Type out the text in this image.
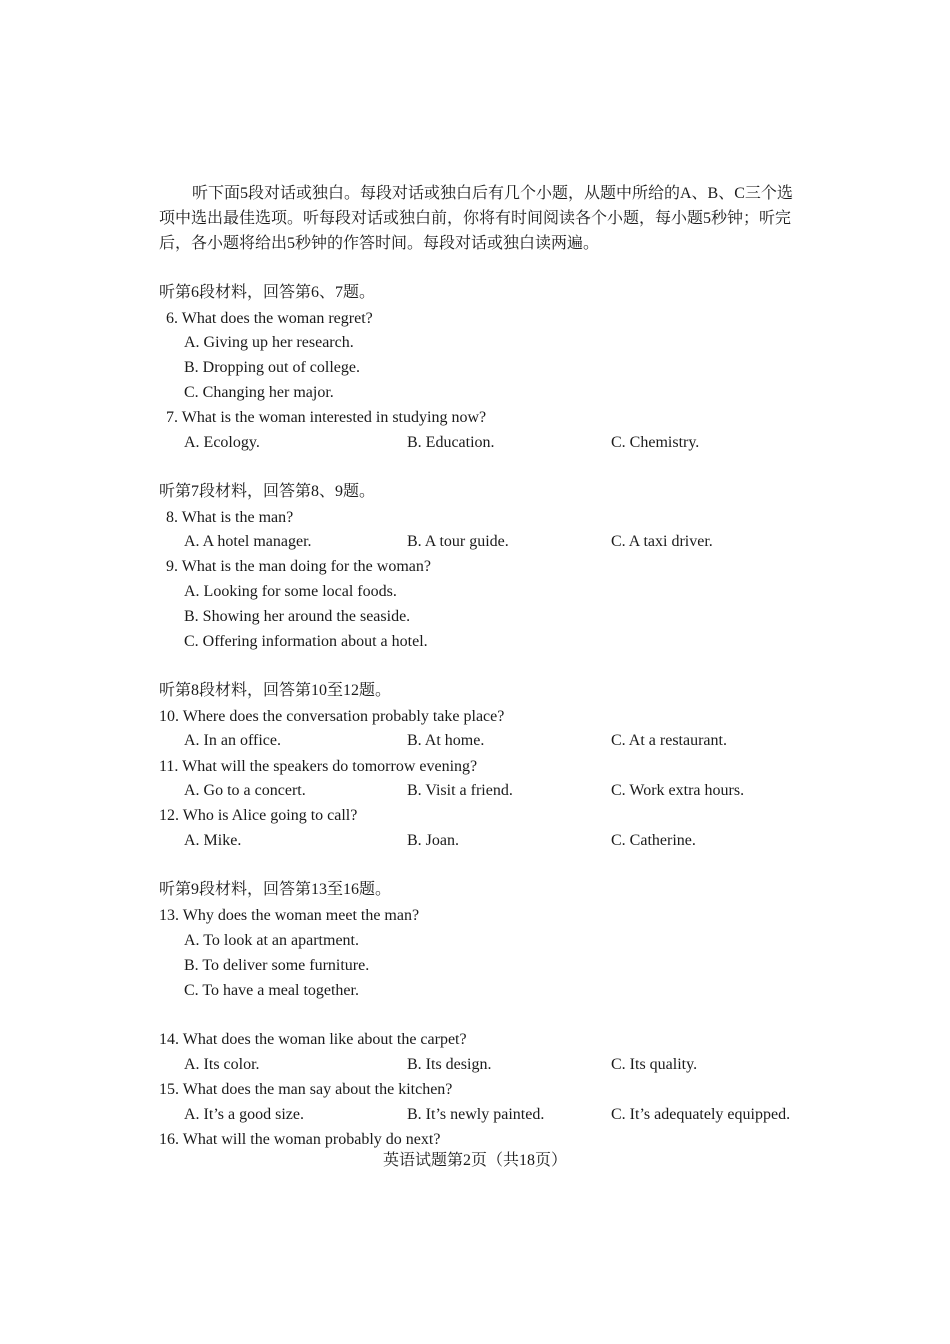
听下面5段对话或独白。每段对话或独白后有几个小题，从题中所给的A、B、C三个选项中选出最佳选项。听每段对话或独白前，你将有时间阅读各个小题，每小题5秒钟；听完后，各小题将给出5秒钟的作答时间。每段对话或独白读两遍。
听第6段材料，回答第6、7题。
6. What does the woman regret?
A. Giving up her research.
B. Dropping out of college.
C. Changing her major.
7. What is the woman interested in studying now?
A. Ecology.	B. Education.	C. Chemistry.
听第7段材料，回答第8、9题。
8. What is the man?
A. A hotel manager.	B. A tour guide.	C. A taxi driver.
9. What is the man doing for the woman?
A. Looking for some local foods.
B. Showing her around the seaside.
C. Offering information about a hotel.
听第8段材料，回答第10至12题。
10. Where does the conversation probably take place?
A. In an office.	B. At home.	C. At a restaurant.
11. What will the speakers do tomorrow evening?
A. Go to a concert.	B. Visit a friend.	C. Work extra hours.
12. Who is Alice going to call?
A. Mike.	B. Joan.	C. Catherine.
听第9段材料，回答第13至16题。
13. Why does the woman meet the man?
A. To look at an apartment.
B. To deliver some furniture.
C. To have a meal together.
14. What does the woman like about the carpet?
A. Its color.	B. Its design.	C. Its quality.
15. What does the man say about the kitchen?
A. It’s a good size.	B. It’s newly painted.	C. It’s adequately equipped.
16. What will the woman probably do next?
英语试题第2页（共18页）
